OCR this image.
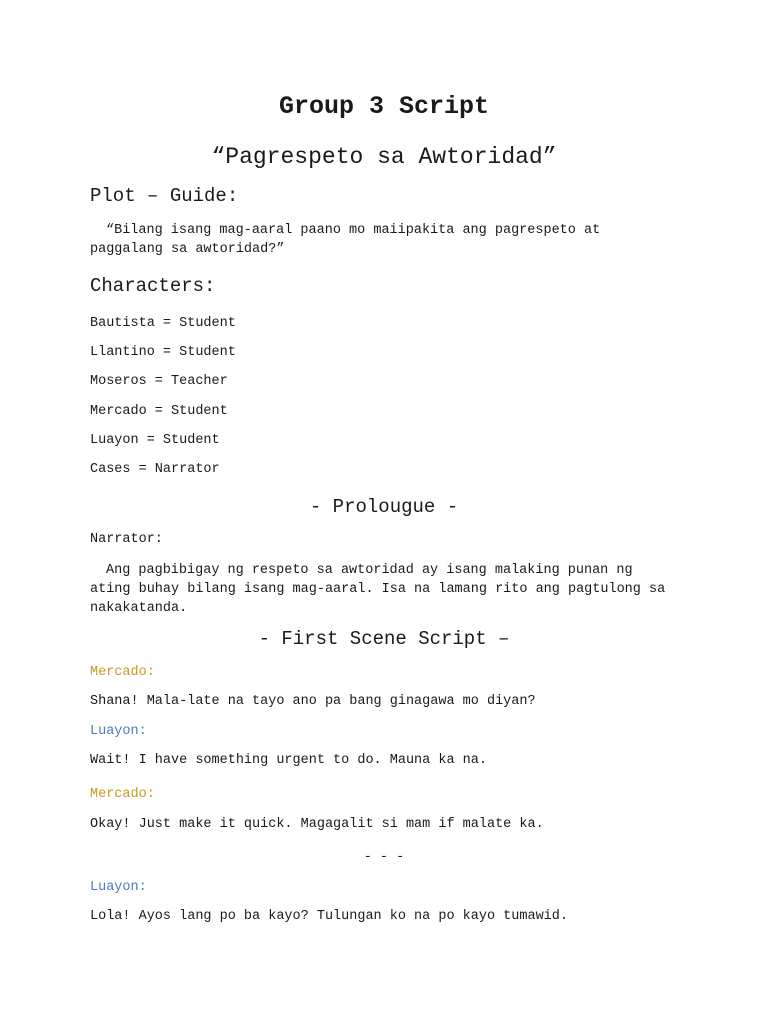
Group 3 Script
“Pagrespeto sa Awtoridad”
Plot – Guide:
“Bilang isang mag-aaral paano mo maiipakita ang pagrespeto at paggalang sa awtoridad?”
Characters:
Bautista = Student
Llantino = Student
Moseros = Teacher
Mercado = Student
Luayon = Student
Cases = Narrator
- Prolougue -
Narrator:
Ang pagbibigay ng respeto sa awtoridad ay isang malaking punan ng ating buhay bilang isang mag-aaral. Isa na lamang rito ang pagtulong sa nakakatanda.
- First Scene Script –
Mercado:
Shana! Mala-late na tayo ano pa bang ginagawa mo diyan?
Luayon:
Wait! I have something urgent to do. Mauna ka na.
Mercado:
Okay! Just make it quick. Magagalit si mam if malate ka.
- - -
Luayon:
Lola! Ayos lang po ba kayo? Tulungan ko na po kayo tumawid.
